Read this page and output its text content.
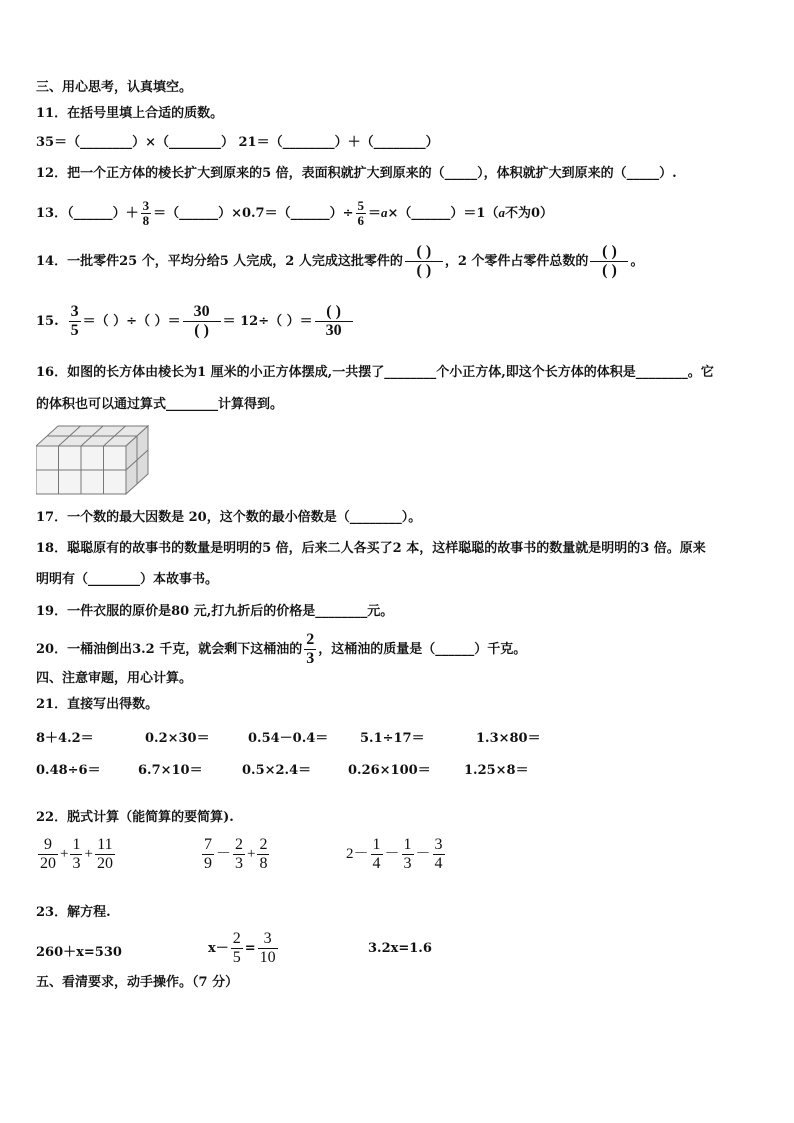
三、用心思考，认真填空。
11．在括号里填上合适的质数。
35＝（________）×（________） 21＝（________）＋（________）
12．把一个正方体的棱长扩大到原来的5 倍，表面积就扩大到原来的（_____），体积就扩大到原来的（_____）.
13．（______）＋ $\frac{3}{8}$ ＝（______）×0.7＝（______）÷ $\frac{5}{6}$ ＝a×（______）＝1（a不为0）
14．一批零件25 个，平均分给5 人完成，2 人完成这批零件的 $\frac{( )}{( )}$ ，2 个零件占零件总数的 $\frac{( )}{( )}$ 。
15. $\frac{3}{5}$ ＝（ ）÷（ ）＝ $\frac{30}{( )} = 12\div$（ ）＝ $\frac{( )}{30}$
16．如图的长方体由棱长为1 厘米的小正方体摆成,一共摆了________个小正方体,即这个长方体的体积是________。它
的体积也可以通过算式________计算得到。
17．一个数的最大因数是 20，这个数的最小倍数是（________）。
18．聪聪原有的故事书的数量是明明的5 倍，后来二人各买了2 本，这样聪聪的故事书的数量就是明明的3 倍。原来
明明有（________）本故事书。
19．一件衣服的原价是80 元,打九折后的价格是________元。
20．一桶油倒出3.2 千克，就会剩下这桶油的 $\frac{2}{3}$ ，这桶油的质量是（______）千克。
四、注意审题，用心计算。
21．直接写出得数。
8＋4.2＝	0.2×30＝	0.54－0.4＝ 5.1÷17＝	1.3×80＝
0.48÷6＝	6.7×10＝	0.5×2.4＝	0.26×100＝	1.25×8＝
22．脱式计算（能简算的要简算).
$\frac{9}{20} + \frac{1}{3} + \frac{11}{20}$	$\frac{7}{9} - \frac{2}{3} + \frac{2}{8}$	$2- \frac{1}{4} - \frac{1}{3} - \frac{3}{4}$
23．解方程.
260＋x=530	$x- \frac{2}{5} = \frac{3}{10}$	3.2x=1.6
五、看清要求，动手操作。（7 分）
